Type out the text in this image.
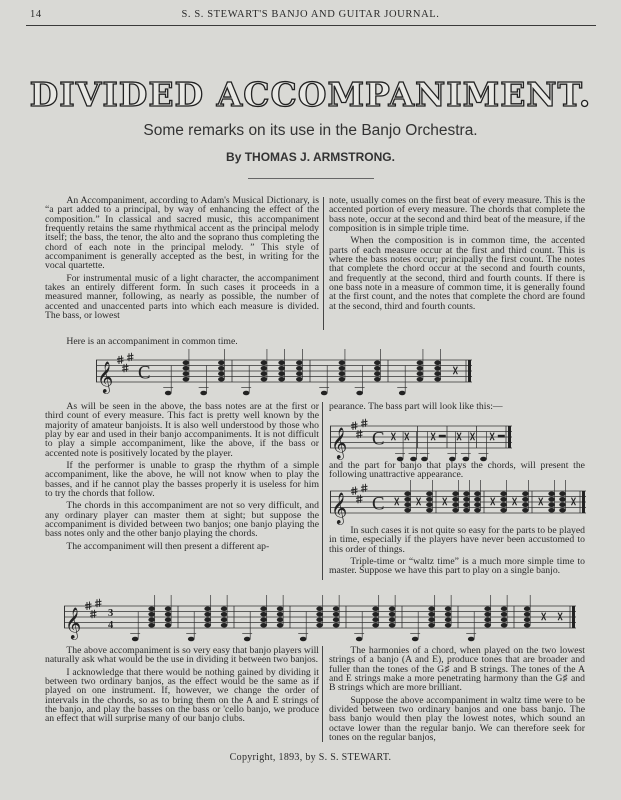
14	S. S. STEWART'S BANJO AND GUITAR JOURNAL.
DIVIDED ACCOMPANIMENT.
Some remarks on its use in the Banjo Orchestra.
By THOMAS J. ARMSTRONG.

An Accompaniment, according to Adam's Musical Dictionary, is “a part added to a principal, by way of enhancing the effect of the composition.” In classical and sacred music, this accompaniment frequently retains the same rhythmical accent as the principal melody itself; the bass, the tenor, the alto and the soprano thus completing the chord of each note in the principal melody. ” This style of accompaniment is generally accepted as the best, in writing for the vocal quartette.

For instrumental music of a light character, the accompaniment takes an entirely different form. In such cases it proceeds in a measured manner, following, as nearly as possible, the number of accented and unaccented parts into which each measure is divided. The bass, or lowest

note, usually comes on the first beat of every measure. This is the accented portion of every measure. The chords that complete the bass note, occur at the second and third beat of the measure, if the composition is in simple triple time.

When the composition is in common time, the accented parts of each measure occur at the first and third count. This is where the bass notes occur; principally the first count. The notes that complete the chord occur at the second and fourth counts, and frequently at the second, third and fourth counts. If there is one bass note in a measure of common time, it is generally found at the first count, and the notes that complete the chord are found at the second, third and fourth counts.

Here is an accompaniment in common time.

𝄞 C

As will be seen in the above, the bass notes are at the first or third count of every measure. This fact is pretty well known by the majority of amateur banjoists. It is also well understood by those who play by ear and used in their banjo accompaniments. It is not difficult to play a simple accompaniment, like the above, if the bass or accented note is positively located by the player.

If the performer is unable to grasp the rhythm of a simple accompaniment, like the above, he will not know when to play the basses, and if he cannot play the basses properly it is useless for him to try the chords that follow.

The chords in this accompaniment are not so very difficult, and any ordinary player can master them at sight; but suppose the accompaniment is divided between two banjos; one banjo playing the bass notes only and the other banjo playing the chords.

The accompaniment will then present a different ap-

pearance. The bass part will look like this:—

𝄞 C

and the part for banjo that plays the chords, will present the following unattractive appearance.

𝄞 C

In such cases it is not quite so easy for the parts to be played in time, especially if the players have never been accustomed to this order of things.

Triple-time or “waltz time” is a much more simple time to master. Suppose we have this part to play on a single banjo.

𝄞	3
4

The above accompaniment is so very easy that banjo players will naturally ask what would be the use in dividing it between two banjos.

I acknowledge that there would be nothing gained by dividing it between two ordinary banjos, as the effect would be the same as if played on one instrument. If, however, we change the order of intervals in the chords, so as to bring them on the A and E strings of the banjo, and play the basses on the bass or 'cello banjo, we produce an effect that will surprise many of our banjo clubs.

The harmonies of a chord, when played on the two lowest strings of a banjo (A and E), produce tones that are broader and fuller than the tones of the G♯ and B strings. The tones of the A and E strings make a more penetrating harmony than the G♯ and B strings which are more brilliant.

Suppose the above accompaniment in waltz time were to be divided between two ordinary banjos and one bass banjo. The bass banjo would then play the lowest notes, which sound an octave lower than the regular banjo. We can therefore seek for tones on the regular banjos,

Copyright, 1893, by S. S. STEWART.
